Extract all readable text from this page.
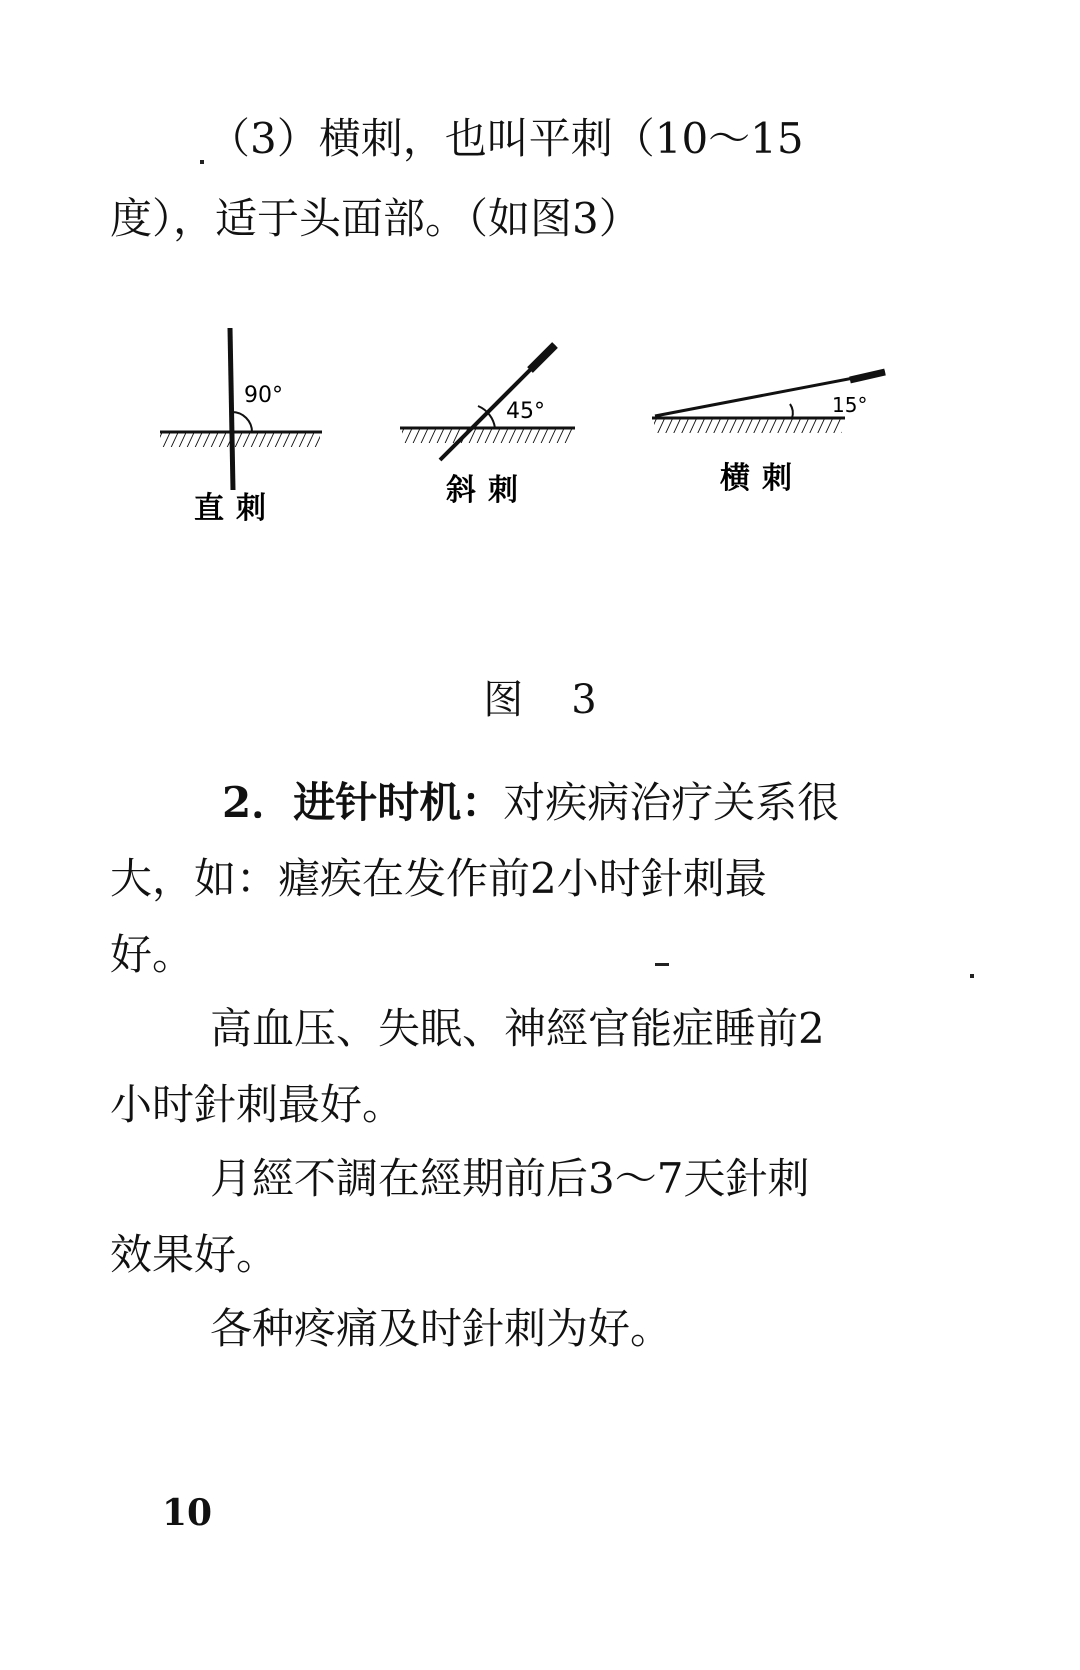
（3）横刺，也叫平刺（10～15

度），适于头面部。（如图3）

90°
直刺
45°
斜刺
15°
横刺
图 3

2．进针时机：对疾病治疗关系很

大，如：瘧疾在发作前2小时針刺最

好。

高血压、失眠、神經官能症睡前2

小时針刺最好。

月經不調在經期前后3～7天針刺

效果好。

各种疼痛及时針刺为好。

10
